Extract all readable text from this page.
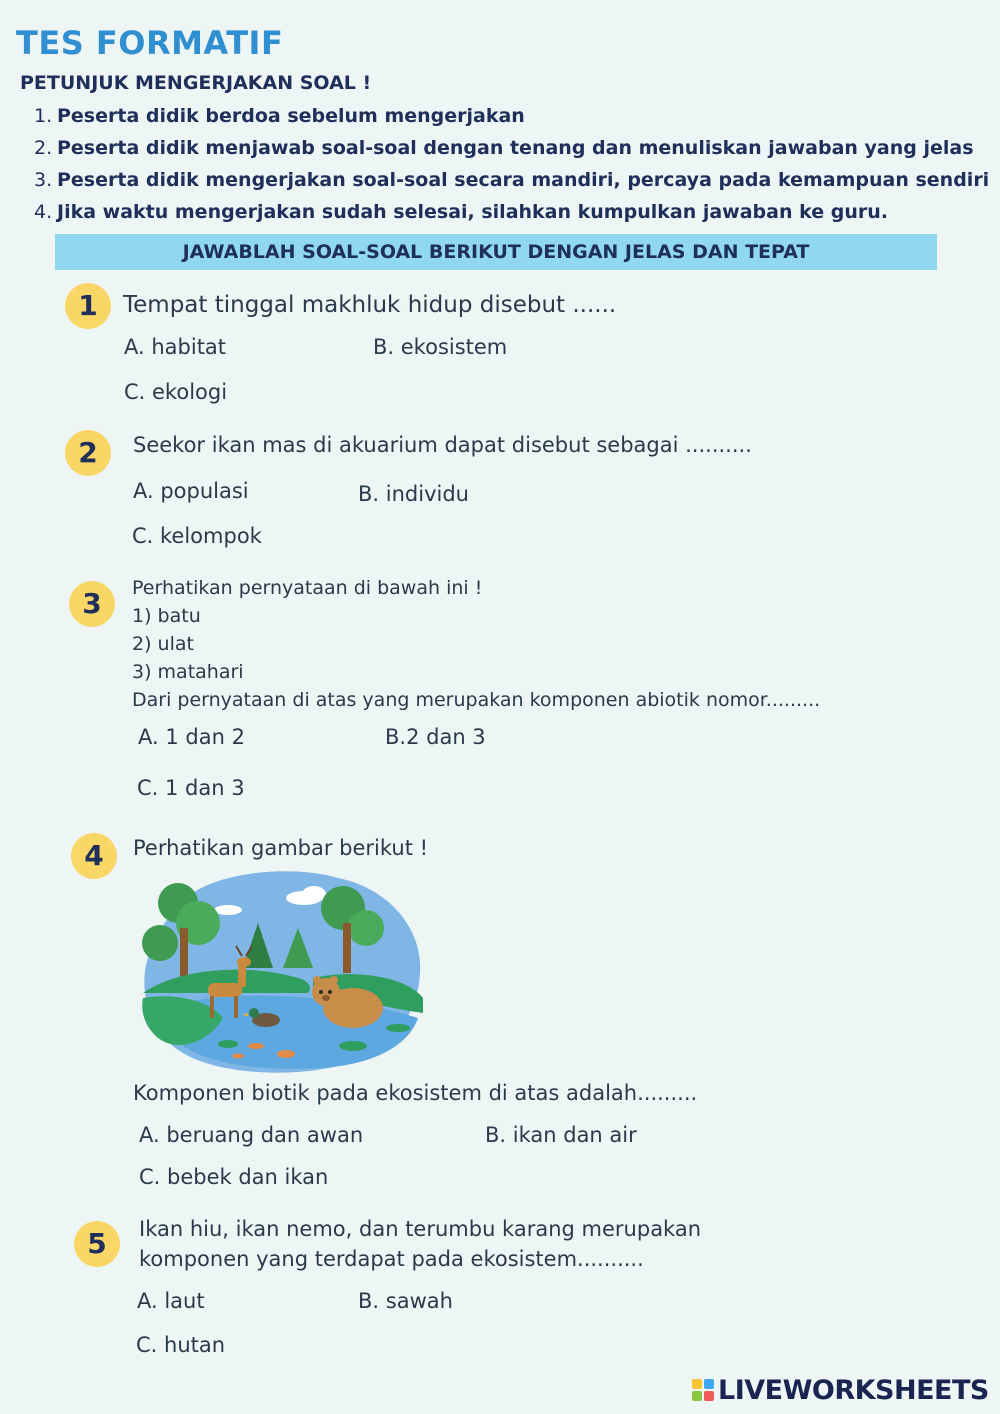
TES FORMATIF
PETUNJUK MENGERJAKAN SOAL !
1. Peserta didik berdoa sebelum mengerjakan
2. Peserta didik menjawab soal-soal dengan tenang dan menuliskan jawaban yang jelas
3. Peserta didik mengerjakan soal-soal secara mandiri, percaya pada kemampuan sendiri
4. Jika waktu mengerjakan sudah selesai, silahkan kumpulkan jawaban ke guru.
JAWABLAH SOAL-SOAL BERIKUT DENGAN JELAS DAN TEPAT
1	Tempat tinggal makhluk hidup disebut ......
A. habitat	B. ekosistem
C. ekologi
2	Seekor ikan mas di akuarium dapat disebut sebagai ..........
A. populasi	B. individu
C. kelompok
3	Perhatikan pernyataan di bawah ini !
1) batu
2) ulat
3) matahari
Dari pernyataan di atas yang merupakan komponen abiotik nomor.........
A. 1 dan 2	B.2 dan 3
C. 1 dan 3
4	Perhatikan gambar berikut !
Komponen biotik pada ekosistem di atas adalah.........
A. beruang dan awan	B. ikan dan air
C. bebek dan ikan
5	Ikan hiu, ikan nemo, dan terumbu karang merupakan
komponen yang terdapat pada ekosistem..........
A. laut	B. sawah
C. hutan
LIVEWORKSHEETS
